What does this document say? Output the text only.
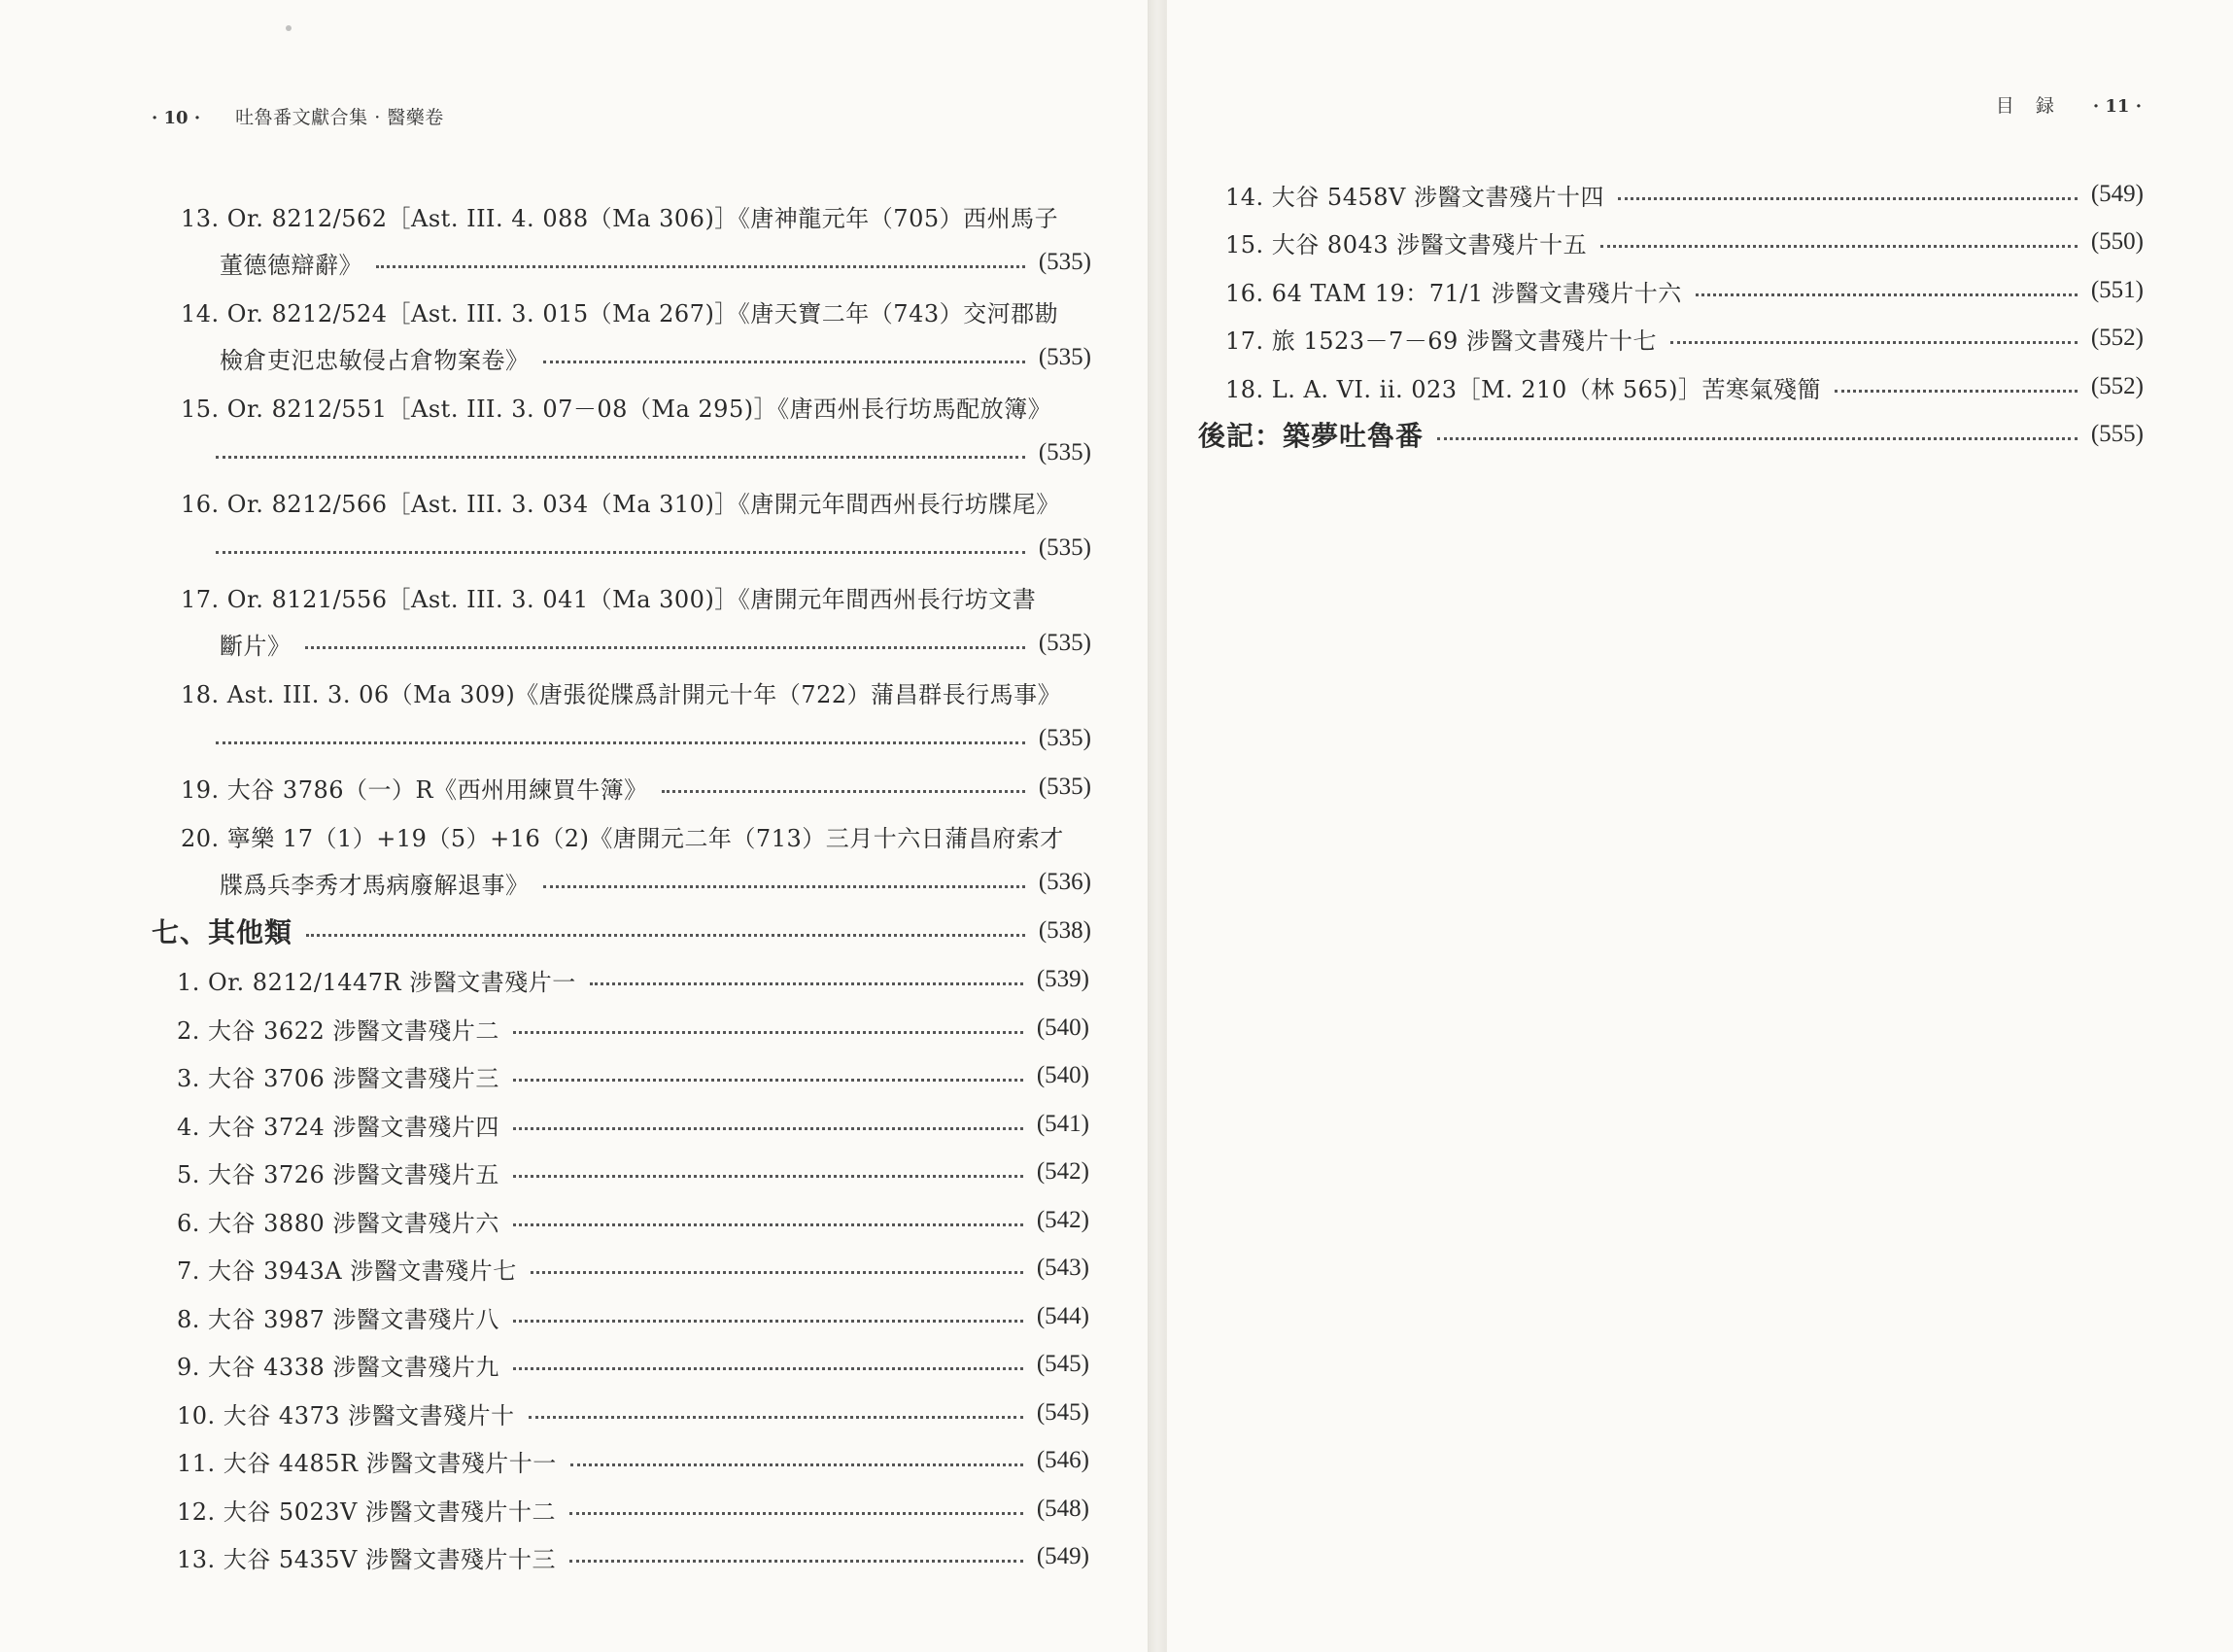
· 10 · 吐魯番文獻合集 · 醫藥卷
13. Or. 8212/562［Ast. III. 4. 088（Ma 306)］《唐神龍元年（705）西州馬子
董德德辯辭》	(535)
14. Or. 8212/524［Ast. III. 3. 015（Ma 267)］《唐天寶二年（743）交河郡勘
檢倉吏氾忠敏侵占倉物案卷》	(535)
15. Or. 8212/551［Ast. III. 3. 07－08（Ma 295)］《唐西州長行坊馬配放簿》
(535)
16. Or. 8212/566［Ast. III. 3. 034（Ma 310)］《唐開元年間西州長行坊牒尾》
(535)
17. Or. 8121/556［Ast. III. 3. 041（Ma 300)］《唐開元年間西州長行坊文書
斷片》	(535)
18. Ast. III. 3. 06（Ma 309)《唐張從牒爲計開元十年（722）蒲昌群長行馬事》
(535)
19. 大谷 3786（一）R《西州用練買牛簿》	(535)
20. 寧樂 17（1）+19（5）+16（2)《唐開元二年（713）三月十六日蒲昌府索才
牒爲兵李秀才馬病廢解退事》	(536)
七、其他類	(538)
1. Or. 8212/1447R 涉醫文書殘片一	(539)
2. 大谷 3622 涉醫文書殘片二	(540)
3. 大谷 3706 涉醫文書殘片三	(540)
4. 大谷 3724 涉醫文書殘片四	(541)
5. 大谷 3726 涉醫文書殘片五	(542)
6. 大谷 3880 涉醫文書殘片六	(542)
7. 大谷 3943A 涉醫文書殘片七	(543)
8. 大谷 3987 涉醫文書殘片八	(544)
9. 大谷 4338 涉醫文書殘片九	(545)
10. 大谷 4373 涉醫文書殘片十	(545)
11. 大谷 4485R 涉醫文書殘片十一	(546)
12. 大谷 5023V 涉醫文書殘片十二	(548)
13. 大谷 5435V 涉醫文書殘片十三	(549)
目 録 · 11 ·
14. 大谷 5458V 涉醫文書殘片十四	(549)
15. 大谷 8043 涉醫文書殘片十五	(550)
16. 64 TAM 19：71/1 涉醫文書殘片十六	(551)
17. 旅 1523－7－69 涉醫文書殘片十七	(552)
18. L. A. VI. ii. 023［M. 210（林 565)］苦寒氣殘簡	(552)
後記：築夢吐魯番	(555)
